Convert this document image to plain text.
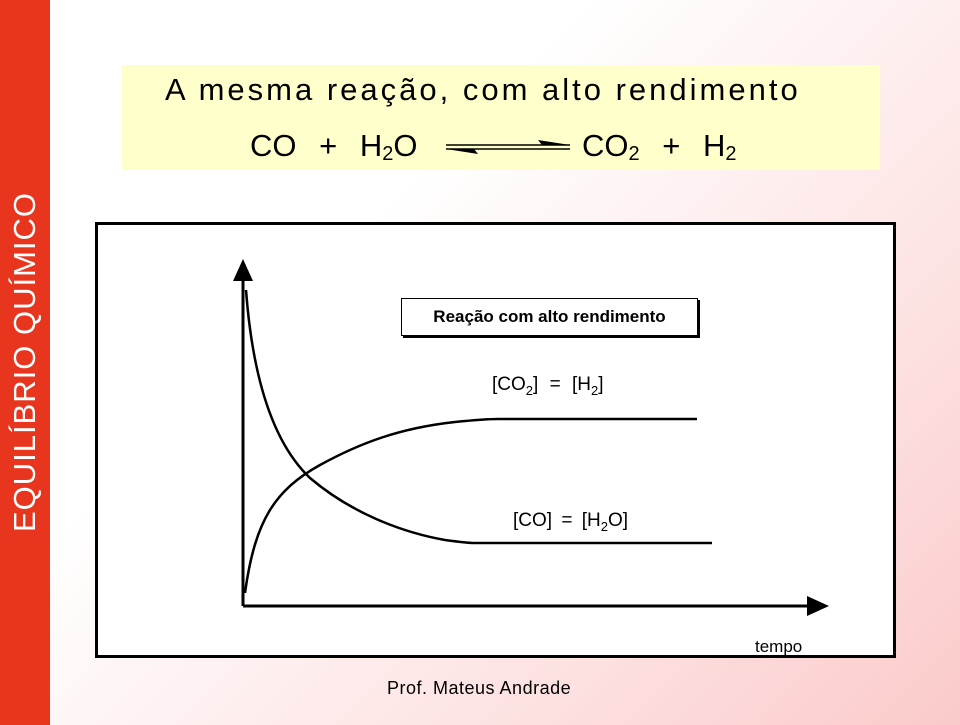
EQUILÍBRIO QUÍMICO
A mesma reação, com alto rendimento
CO + $H_2O$	$CO_2 + H_2$
Reação com alto rendimento
$[CO_2] = [H_2]$
$[CO] = [H_2O]$
tempo
Prof. Mateus Andrade
